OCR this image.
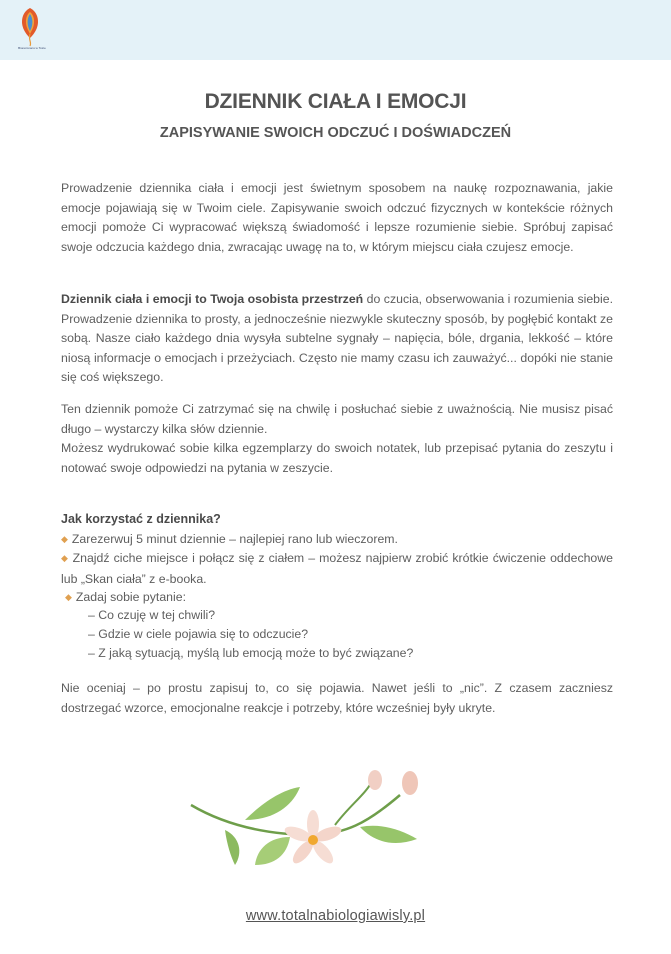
Biorezonans w Totce
DZIENNIK CIAŁA I EMOCJI
ZAPISYWANIE SWOICH ODCZUĆ I DOŚWIADCZEŃ
Prowadzenie dziennika ciała i emocji jest świetnym sposobem na naukę rozpoznawania, jakie emocje pojawiają się w Twoim ciele. Zapisywanie swoich odczuć fizycznych w kontekście różnych emocji pomoże Ci wypracować większą świadomość i lepsze rozumienie siebie. Spróbuj zapisać swoje odczucia każdego dnia, zwracając uwagę na to, w którym miejscu ciała czujesz emocje.
Dziennik ciała i emocji to Twoja osobista przestrzeń do czucia, obserwowania i rozumienia siebie. Prowadzenie dziennika to prosty, a jednocześnie niezwykle skuteczny sposób, by pogłębić kontakt ze sobą. Nasze ciało każdego dnia wysyła subtelne sygnały – napięcia, bóle, drgania, lekkość – które niosą informacje o emocjach i przeżyciach. Często nie mamy czasu ich zauważyć... dopóki nie stanie się coś większego.
Ten dziennik pomoże Ci zatrzymać się na chwilę i posłuchać siebie z uważnością. Nie musisz pisać długo – wystarczy kilka słów dziennie.
Możesz wydrukować sobie kilka egzemplarzy do swoich notatek, lub przepisać pytania do zeszytu i notować swoje odpowiedzi na pytania w zeszycie.
Jak korzystać z dziennika?
◆ Zarezerwuj 5 minut dziennie – najlepiej rano lub wieczorem.
◆ Znajdź ciche miejsce i połącz się z ciałem – możesz najpierw zrobić krótkie ćwiczenie oddechowe lub „Skan ciała” z e-booka.
◆ Zadaj sobie pytanie:
– Co czuję w tej chwili?
– Gdzie w ciele pojawia się to odczucie?
– Z jaką sytuacją, myślą lub emocją może to być związane?
Nie oceniaj – po prostu zapisuj to, co się pojawia. Nawet jeśli to „nic”. Z czasem zaczniesz dostrzegać wzorce, emocjonalne reakcje i potrzeby, które wcześniej były ukryte.
www.totalnabiologiawisly.pl
